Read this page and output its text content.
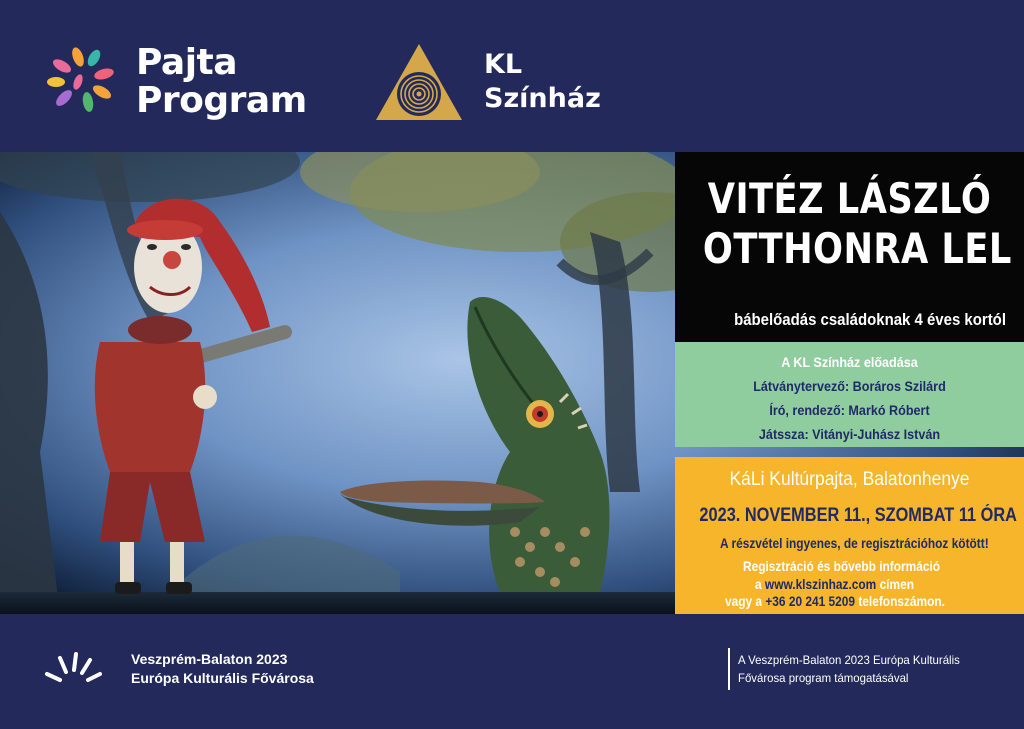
Pajta
Program
KL
Színház
VITÉZ LÁSZLÓ
OTTHONRA LEL
bábelőadás családoknak 4 éves kortól
A KL Színház előadása
Látványtervező: Boráros Szilárd
Író, rendező: Markó Róbert
Játssza: Vitányi-Juhász István
KáLi Kultúrpajta, Balatonhenye
2023. NOVEMBER 11., SZOMBAT 11 ÓRA
A részvétel ingyenes, de regisztrációhoz kötött!
Regisztráció és bővebb információ
a www.klszinhaz.com címen
vagy a +36 20 241 5209 telefonszámon.
Veszprém-Balaton 2023
Európa Kulturális Fővárosa
A Veszprém-Balaton 2023 Európa Kulturális
Fővárosa program támogatásával
